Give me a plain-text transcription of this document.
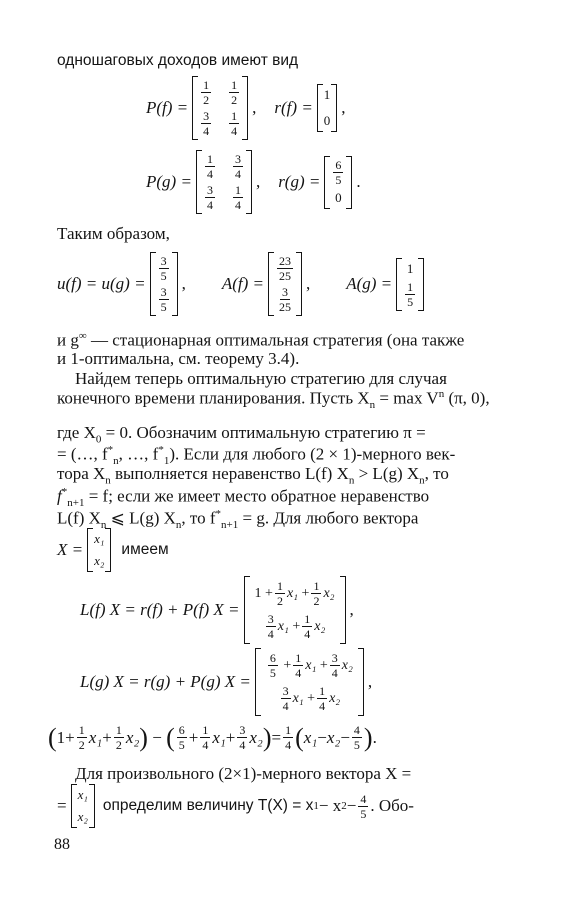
одношаговых доходов имеют вид
P(f) =
$\frac{1}{2} \frac{1}{2}$
$\frac{3}{4} \frac{1}{4}$
, r(f) =
1
0
,
P(g) =
$\frac{1}{4} \frac{3}{4}$
$\frac{3}{4} \frac{1}{4}$
, $r(g) = \frac{6}{5}$
0
.
Таким образом,
u(f) = u(g) =
$\frac{3}{5}$
$\frac{3}{5}$
, A(f) =
$\frac{23}{25}$
$\frac{3}{25}$
, A(g) =
1
$\frac{1}{5}$
и g∞ — стационарная оптимальная стратегия (она также
и 1-оптимальна, см. теорему 3.4).
Найдем теперь оптимальную стратегию для случая
конечного времени планирования. Пусть $X_n = \max V^n$ (π, 0),
где $X_0 = 0$. Обозначим оптимальную стратегию π =
= (…, $f^*_n$, …, $f^*_1$). Если для любого (2 × 1)-мерного век-
тора $X_n$ выполняется неравенство L(f) $X_n > L(g)$ $X_n$, то
$f^*_{n+1} = f$; если же имеет место обратное неравенство
L(f) $X_n$ ⩽ L(g) $X_n$, то $f^*_{n+1} = g$. Для любого вектора
X =
x₁
x₂
имеем
L(f) X = r(f) + P(f) X =
1
+ $\frac{1}{2} x_1$
+ $\frac{1}{2} x_2$
$\frac{3}{4} x_1$
+ $\frac{1}{4} x_2$
,
L(g) X = r(g) + P(g) X =
$\frac{6}{5}$
+ $\frac{1}{4} x_1$
+ $\frac{3}{4} x_2$
$\frac{3}{4} x_1$
+ $\frac{1}{4} x_2$
,
( $1 + \frac{1}{2} x_1 + \frac{1}{2} x_2$ )
−
( $\frac{6}{5} + \frac{1}{4} x_1 + \frac{3}{4} x_2$ ) = $\frac{1}{4}$ ( $x_1 - x_2 - \frac{4}{5}$ ) .
Для произвольного (2×1)-мерного вектора X =
=
x₁
x₂
определим величину T(X) = x 1 − x $2 - \frac{4}{5}$ . Обо-
88
